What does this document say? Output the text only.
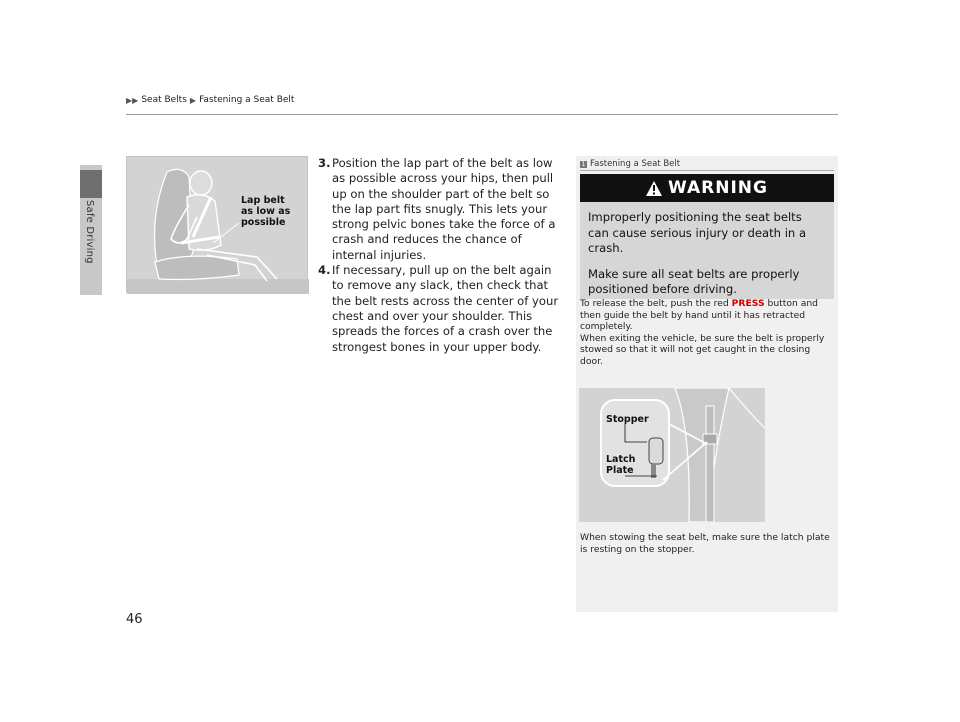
Safe Driving
▶▶ Seat Belts ▶ Fastening a Seat Belt
Lap belt
as low as
possible
3. Position the lap part of the belt as low as possible across your hips, then pull up on the shoulder part of the belt so the lap part fits snugly. This lets your strong pelvic bones take the force of a crash and reduces the chance of internal injuries.
4. If necessary, pull up on the belt again to remove any slack, then check that the belt rests across the center of your chest and over your shoulder. This spreads the forces of a crash over the strongest bones in your upper body.
1 Fastening a Seat Belt
WARNING

Improperly positioning the seat belts can cause serious injury or death in a crash.

Make sure all seat belts are properly positioned before driving.

To release the belt, push the red PRESS button and then guide the belt by hand until it has retracted completely.
When exiting the vehicle, be sure the belt is properly stowed so that it will not get caught in the closing door.
Stopper
Latch
Plate
When stowing the seat belt, make sure the latch plate is resting on the stopper.
46
